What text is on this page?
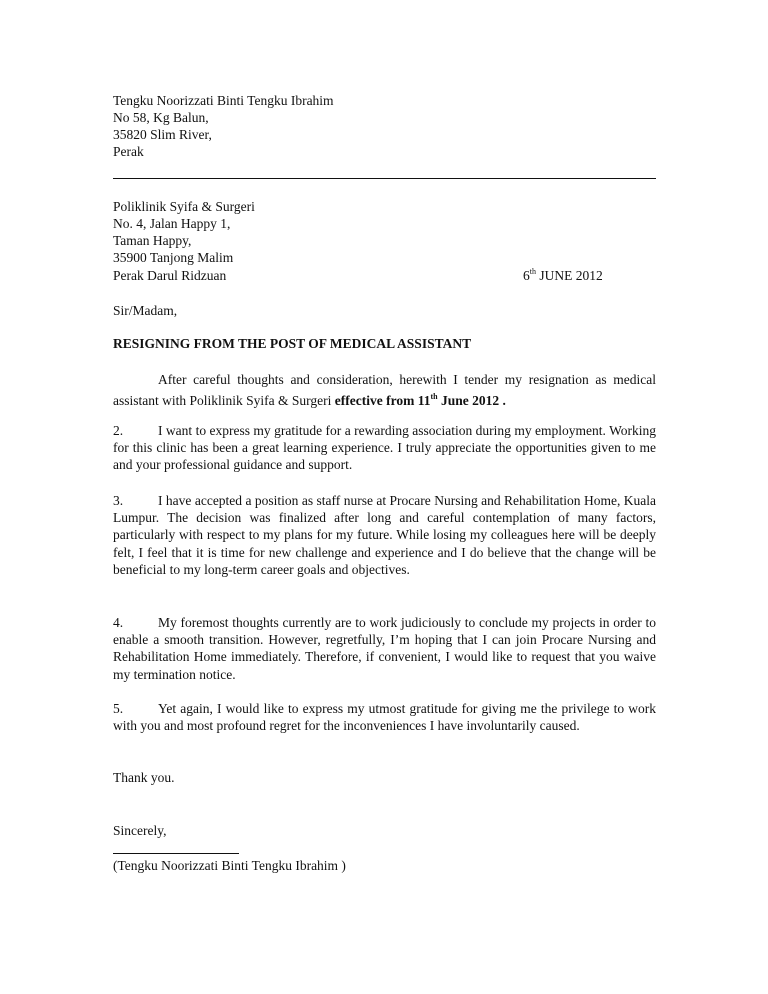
Tengku Noorizzati Binti Tengku Ibrahim
No 58, Kg Balun,
35820 Slim River,
Perak
Poliklinik Syifa & Surgeri
No. 4, Jalan Happy 1,
Taman Happy,
35900 Tanjong Malim
Perak Darul Ridzuan	6th JUNE 2012
Sir/Madam,
RESIGNING FROM THE POST OF MEDICAL ASSISTANT
After careful thoughts and consideration, herewith I tender my resignation as medical assistant with Poliklinik Syifa & Surgeri effective from 11th June 2012 .
2.	I want to express my gratitude for a rewarding association during my employment. Working for this clinic has been a great learning experience. I truly appreciate the opportunities given to me and your professional guidance and support.
3.	I have accepted a position as staff nurse at Procare Nursing and Rehabilitation Home, Kuala Lumpur. The decision was finalized after long and careful contemplation of many factors, particularly with respect to my plans for my future. While losing my colleagues here will be deeply felt, I feel that it is time for new challenge and experience and I do believe that the change will be beneficial to my long-term career goals and objectives.
4.	My foremost thoughts currently are to work judiciously to conclude my projects in order to enable a smooth transition. However, regretfully, I’m hoping that I can join Procare Nursing and Rehabilitation Home immediately. Therefore, if convenient, I would like to request that you waive my termination notice.
5.	Yet again, I would like to express my utmost gratitude for giving me the privilege to work with you and most profound regret for the inconveniences I have involuntarily caused.
Thank you.
Sincerely,
(Tengku Noorizzati Binti Tengku Ibrahim )
